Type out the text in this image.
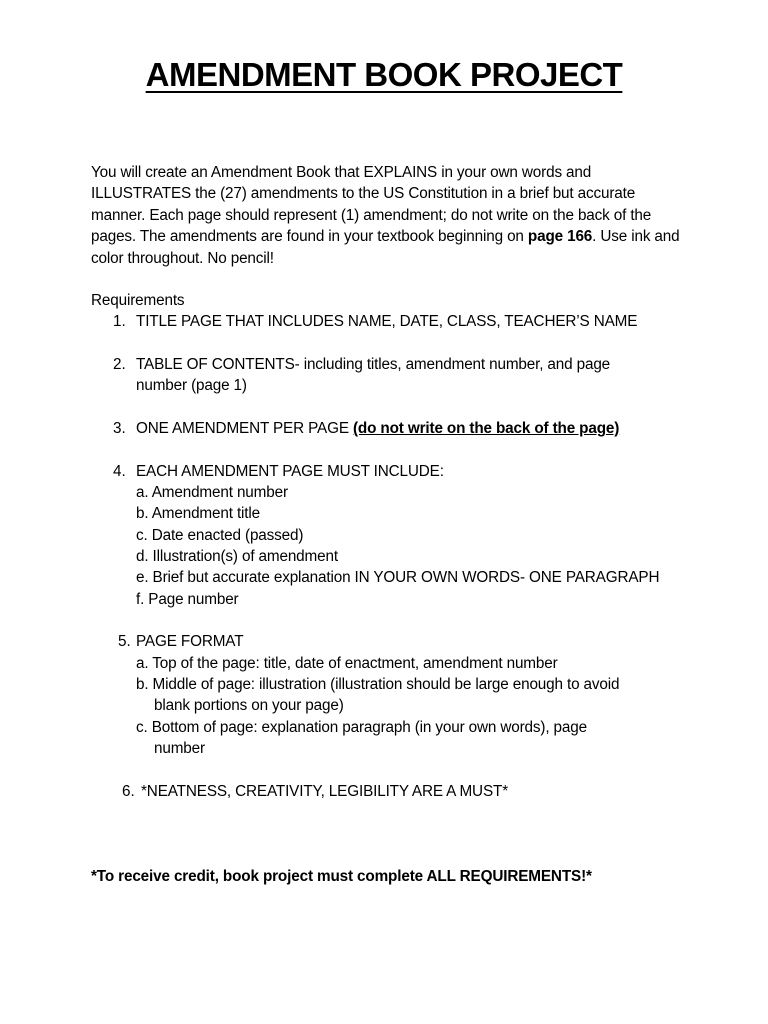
AMENDMENT BOOK PROJECT
You will create an Amendment Book that EXPLAINS in your own words and ILLUSTRATES the (27) amendments to the US Constitution in a brief but accurate manner. Each page should represent (1) amendment; do not write on the back of the pages. The amendments are found in your textbook beginning on page 166. Use ink and color throughout. No pencil!
Requirements
1. TITLE PAGE THAT INCLUDES NAME, DATE, CLASS, TEACHER’S NAME
2. TABLE OF CONTENTS- including titles, amendment number, and page
number (page 1)
3. ONE AMENDMENT PER PAGE (do not write on the back of the page)
4. EACH AMENDMENT PAGE MUST INCLUDE:
a. Amendment number
b. Amendment title
c. Date enacted (passed)
d. Illustration(s) of amendment
e. Brief but accurate explanation IN YOUR OWN WORDS- ONE PARAGRAPH
f. Page number
5. PAGE FORMAT
a. Top of the page: title, date of enactment, amendment number
b. Middle of page: illustration (illustration should be large enough to avoid
blank portions on your page)
c. Bottom of page: explanation paragraph (in your own words), page
number
6. *NEATNESS, CREATIVITY, LEGIBILITY ARE A MUST*
*To receive credit, book project must complete ALL REQUIREMENTS!*
